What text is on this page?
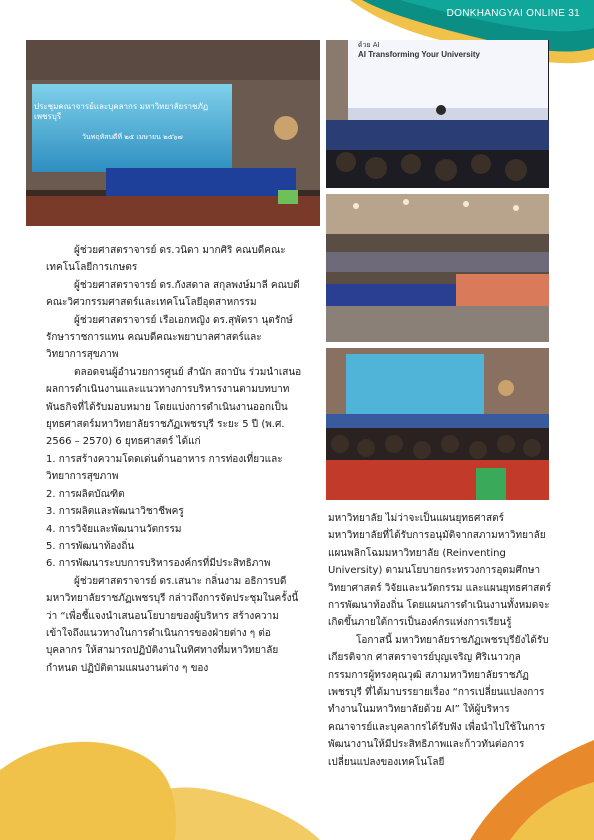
DONKHANGYAI ONLINE 31
ประชุมคณาจารย์และบุคลากร มหาวิทยาลัยราชภัฏเพชรบุรี
วันพฤหัสบดีที่ ๒๕ เมษายน ๒๕๖๗
ด้วย AI
AI Transforming Your University

ผู้ช่วยศาสตราจารย์ ดร.วนิดา มากศิริ คณบดีคณะเทคโนโลยีการเกษตร

ผู้ช่วยศาสตราจารย์ ดร.กังสดาล สกุลพงษ์มาลี คณบดีคณะวิศวกรรมศาสตร์และเทคโนโลยีอุตสาหกรรม

ผู้ช่วยศาสตราจารย์ เรือเอกหญิง ดร.สุพัตรา นุตรักษ์ รักษาราชการแทน คณบดีคณะพยาบาลศาสตร์และวิทยาการสุขภาพ

ตลอดจนผู้อำนวยการศูนย์ สำนัก สถาบัน ร่วมนำเสนอผลการดำเนินงานและแนวทางการบริหารงานตามบทบาทพันธกิจที่ได้รับมอบหมาย โดยแบ่งการดำเนินงานออกเป็นยุทธศาสตร์มหาวิทยาลัยราชภัฏเพชรบุรี ระยะ 5 ปี (พ.ศ. 2566 – 2570) 6 ยุทธศาสตร์ ได้แก่

1. การสร้างความโดดเด่นด้านอาหาร การท่องเที่ยวและวิทยาการสุขภาพ
2. การผลิตบัณฑิต
3. การผลิตและพัฒนาวิชาชีพครู
4. การวิจัยและพัฒนานวัตกรรม
5. การพัฒนาท้องถิ่น
6. การพัฒนาระบบการบริหารองค์กรที่มีประสิทธิภาพ

ผู้ช่วยศาสตราจารย์ ดร.เสนาะ กลิ่นงาม อธิการบดีมหาวิทยาลัยราชภัฏเพชรบุรี กล่าวถึงการจัดประชุมในครั้งนี้ว่า “เพื่อชี้แจงนำเสนอนโยบายของผู้บริหาร สร้างความเข้าใจถึงแนวทางในการดำเนินการของฝ่ายต่าง ๆ ต่อบุคลากร ให้สามารถปฏิบัติงานในทิศทางที่มหาวิทยาลัยกำหนด ปฏิบัติตามแผนงานต่าง ๆ ของ

มหาวิทยาลัย ไม่ว่าจะเป็นแผนยุทธศาสตร์มหาวิทยาลัยที่ได้รับการอนุมัติจากสภามหาวิทยาลัย แผนพลิกโฉมมหาวิทยาลัย (Reinventing University) ตามนโยบายกระทรวงการอุดมศึกษา วิทยาศาสตร์ วิจัยและนวัตกรรม และแผนยุทธศาสตร์การพัฒนาท้องถิ่น โดยแผนการดำเนินงานทั้งหมดจะเกิดขึ้นภายใต้การเป็นองค์กรแห่งการเรียนรู้

โอกาสนี้ มหาวิทยาลัยราชภัฏเพชรบุรียังได้รับเกียรติจาก ศาสตราจารย์บุญเจริญ ศิริเนาวกุล กรรมการผู้ทรงคุณวุฒิ สภามหาวิทยาลัยราชภัฏเพชรบุรี ที่ได้มาบรรยายเรื่อง “การเปลี่ยนแปลงการทำงานในมหาวิทยาลัยด้วย AI” ให้ผู้บริหาร คณาจารย์และบุคลากรได้รับฟัง เพื่อนำไปใช้ในการพัฒนางานให้มีประสิทธิภาพและก้าวทันต่อการเปลี่ยนแปลงของเทคโนโลยี
